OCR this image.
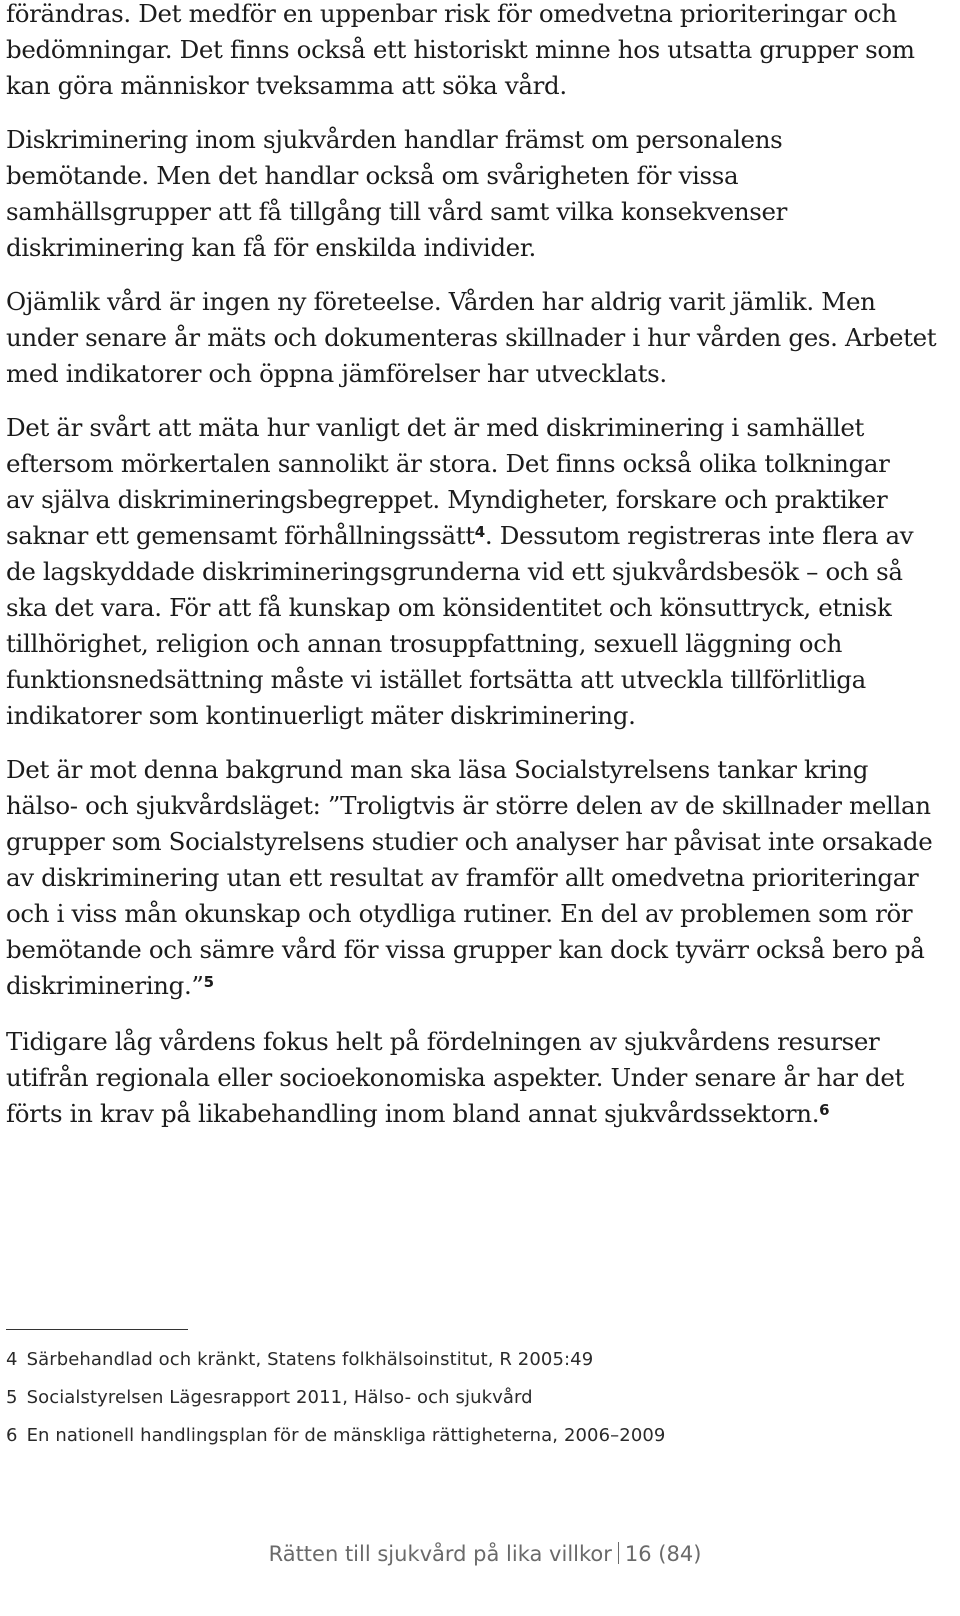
förändras. Det medför en uppenbar risk för omedvetna prioriteringar och
bedömningar. Det finns också ett historiskt minne hos utsatta grupper som
kan göra människor tveksamma att söka vård.

Diskriminering inom sjukvården handlar främst om personalens
bemötande. Men det handlar också om svårigheten för vissa
samhällsgrupper att få tillgång till vård samt vilka konsekvenser
diskriminering kan få för enskilda individer.

Ojämlik vård är ingen ny företeelse. Vården har aldrig varit jämlik. Men
under senare år mäts och dokumenteras skillnader i hur vården ges. Arbetet
med indikatorer och öppna jämförelser har utvecklats.

Det är svårt att mäta hur vanligt det är med diskriminering i samhället
eftersom mörkertalen sannolikt är stora. Det finns också olika tolkningar
av själva diskrimineringsbegreppet. Myndigheter, forskare och praktiker
saknar ett gemensamt förhållningssätt$^4$. Dessutom registreras inte flera av
de lagskyddade diskrimineringsgrunderna vid ett sjukvårdsbesök – och så
ska det vara. För att få kunskap om könsidentitet och könsuttryck, etnisk
tillhörighet, religion och annan trosuppfattning, sexuell läggning och
funktionsnedsättning måste vi istället fortsätta att utveckla tillförlitliga
indikatorer som kontinuerligt mäter diskriminering.

Det är mot denna bakgrund man ska läsa Socialstyrelsens tankar kring
hälso- och sjukvårdsläget: ”Troligtvis är större delen av de skillnader mellan
grupper som Socialstyrelsens studier och analyser har påvisat inte orsakade
av diskriminering utan ett resultat av framför allt omedvetna prioriteringar
och i viss mån okunskap och otydliga rutiner. En del av problemen som rör
bemötande och sämre vård för vissa grupper kan dock tyvärr också bero på
diskriminering.”$^5$

Tidigare låg vårdens fokus helt på fördelningen av sjukvårdens resurser
utifrån regionala eller socioekonomiska aspekter. Under senare år har det
förts in krav på likabehandling inom bland annat sjukvårdssektorn.$^6$

4 Särbehandlad och kränkt, Statens folkhälsoinstitut, R 2005:49
5 Socialstyrelsen Lägesrapport 2011, Hälso- och sjukvård
6 En nationell handlingsplan för de mänskliga rättigheterna, 2006–2009
Rätten till sjukvård på lika villkor 16 (84)
